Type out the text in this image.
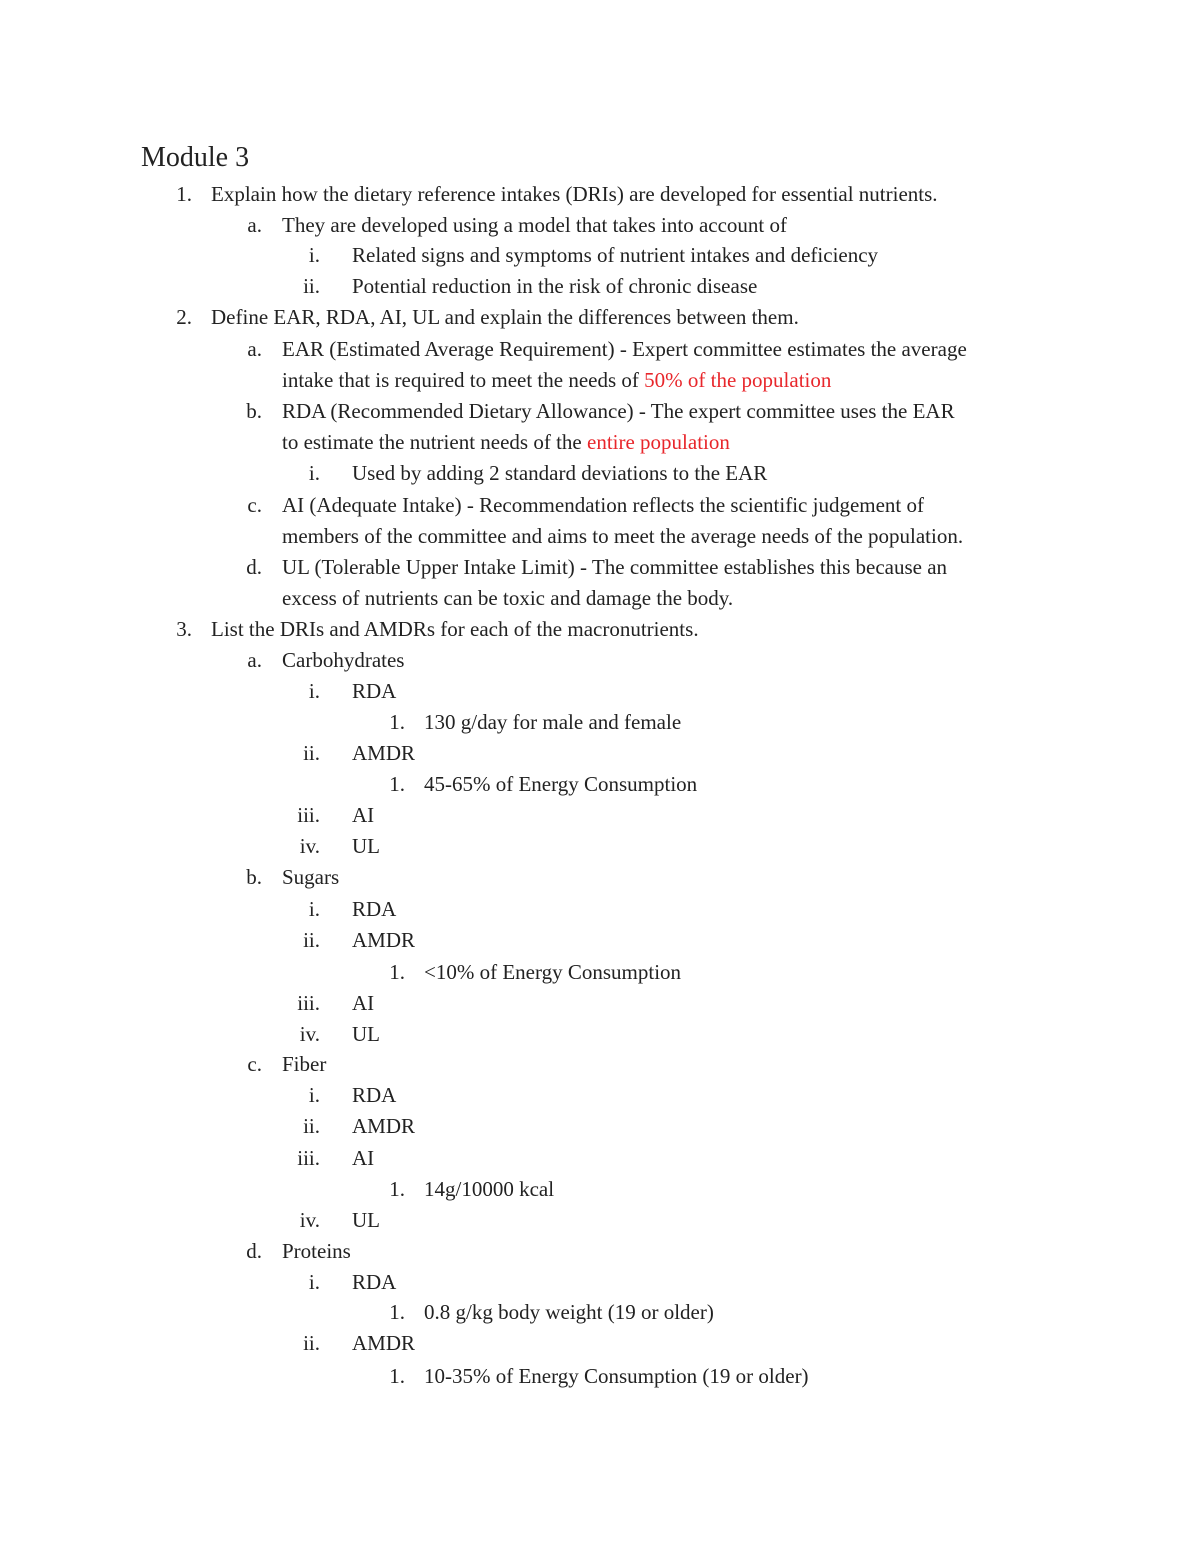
Module 3
1. Explain how the dietary reference intakes (DRIs) are developed for essential nutrients.
a. They are developed using a model that takes into account of
i. Related signs and symptoms of nutrient intakes and deficiency
ii. Potential reduction in the risk of chronic disease
2. Define EAR, RDA, AI, UL and explain the differences between them.
a. EAR (Estimated Average Requirement) - Expert committee estimates the average
intake that is required to meet the needs of 50% of the population
b. RDA (Recommended Dietary Allowance) - The expert committee uses the EAR
to estimate the nutrient needs of the entire population
i. Used by adding 2 standard deviations to the EAR
c. AI (Adequate Intake) - Recommendation reflects the scientific judgement of
members of the committee and aims to meet the average needs of the population.
d. UL (Tolerable Upper Intake Limit) - The committee establishes this because an
excess of nutrients can be toxic and damage the body.
3. List the DRIs and AMDRs for each of the macronutrients.
a. Carbohydrates
i. RDA
1. 130 g/day for male and female
ii. AMDR
1. 45-65% of Energy Consumption
iii. AI
iv. UL
b. Sugars
i. RDA
ii. AMDR
1. <10% of Energy Consumption
iii. AI
iv. UL
c. Fiber
i. RDA
ii. AMDR
iii. AI
1. 14g/10000 kcal
iv. UL
d. Proteins
i. RDA
1. 0.8 g/kg body weight (19 or older)
ii. AMDR
1. 10-35% of Energy Consumption (19 or older)
